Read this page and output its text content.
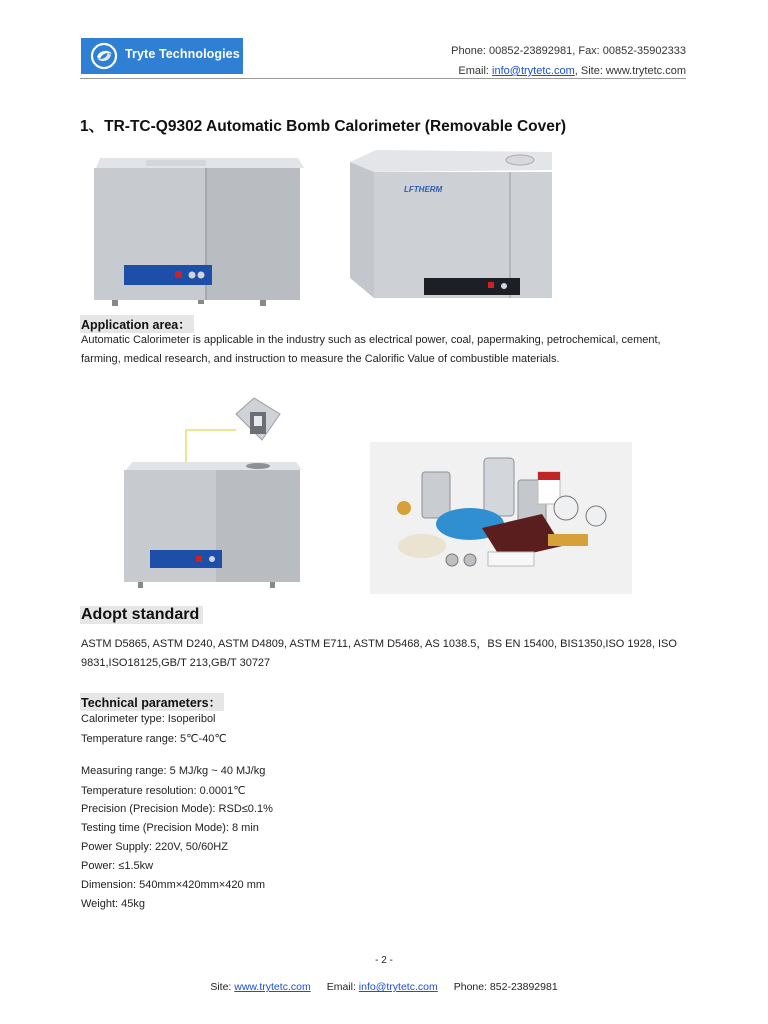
Tryte Technologies	Phone: 00852-23892981, Fax: 00852-35902333
Email: info@trytetc.com, Site: www.trytetc.com
1、TR-TC-Q9302 Automatic Bomb Calorimeter (Removable Cover)
LFTHERM
Application area：
Automatic Calorimeter is applicable in the industry such as electrical power, coal, papermaking, petrochemical, cement, farming, medical research, and instruction to measure the Calorific Value of combustible materials.
Adopt standard
ASTM D5865, ASTM D240, ASTM D4809, ASTM E711, ASTM D5468, AS 1038.5，BS EN 15400, BIS1350,ISO 1928, ISO 9831,ISO18125,GB/T 213,GB/T 30727
Technical parameters：
Calorimeter type: Isoperibol
Temperature range: 5℃-40℃
Measuring range: 5 MJ/kg ~ 40 MJ/kg
Temperature resolution: 0.0001℃
Precision (Precision Mode): RSD≤0.1%
Testing time (Precision Mode): 8 min
Power Supply: 220V, 50/60HZ
Power: ≤1.5kw
Dimension: 540mm×420mm×420 mm
Weight: 45kg
- 2 -
Site: www.trytetc.com Email: info@trytetc.com Phone: 852-23892981
